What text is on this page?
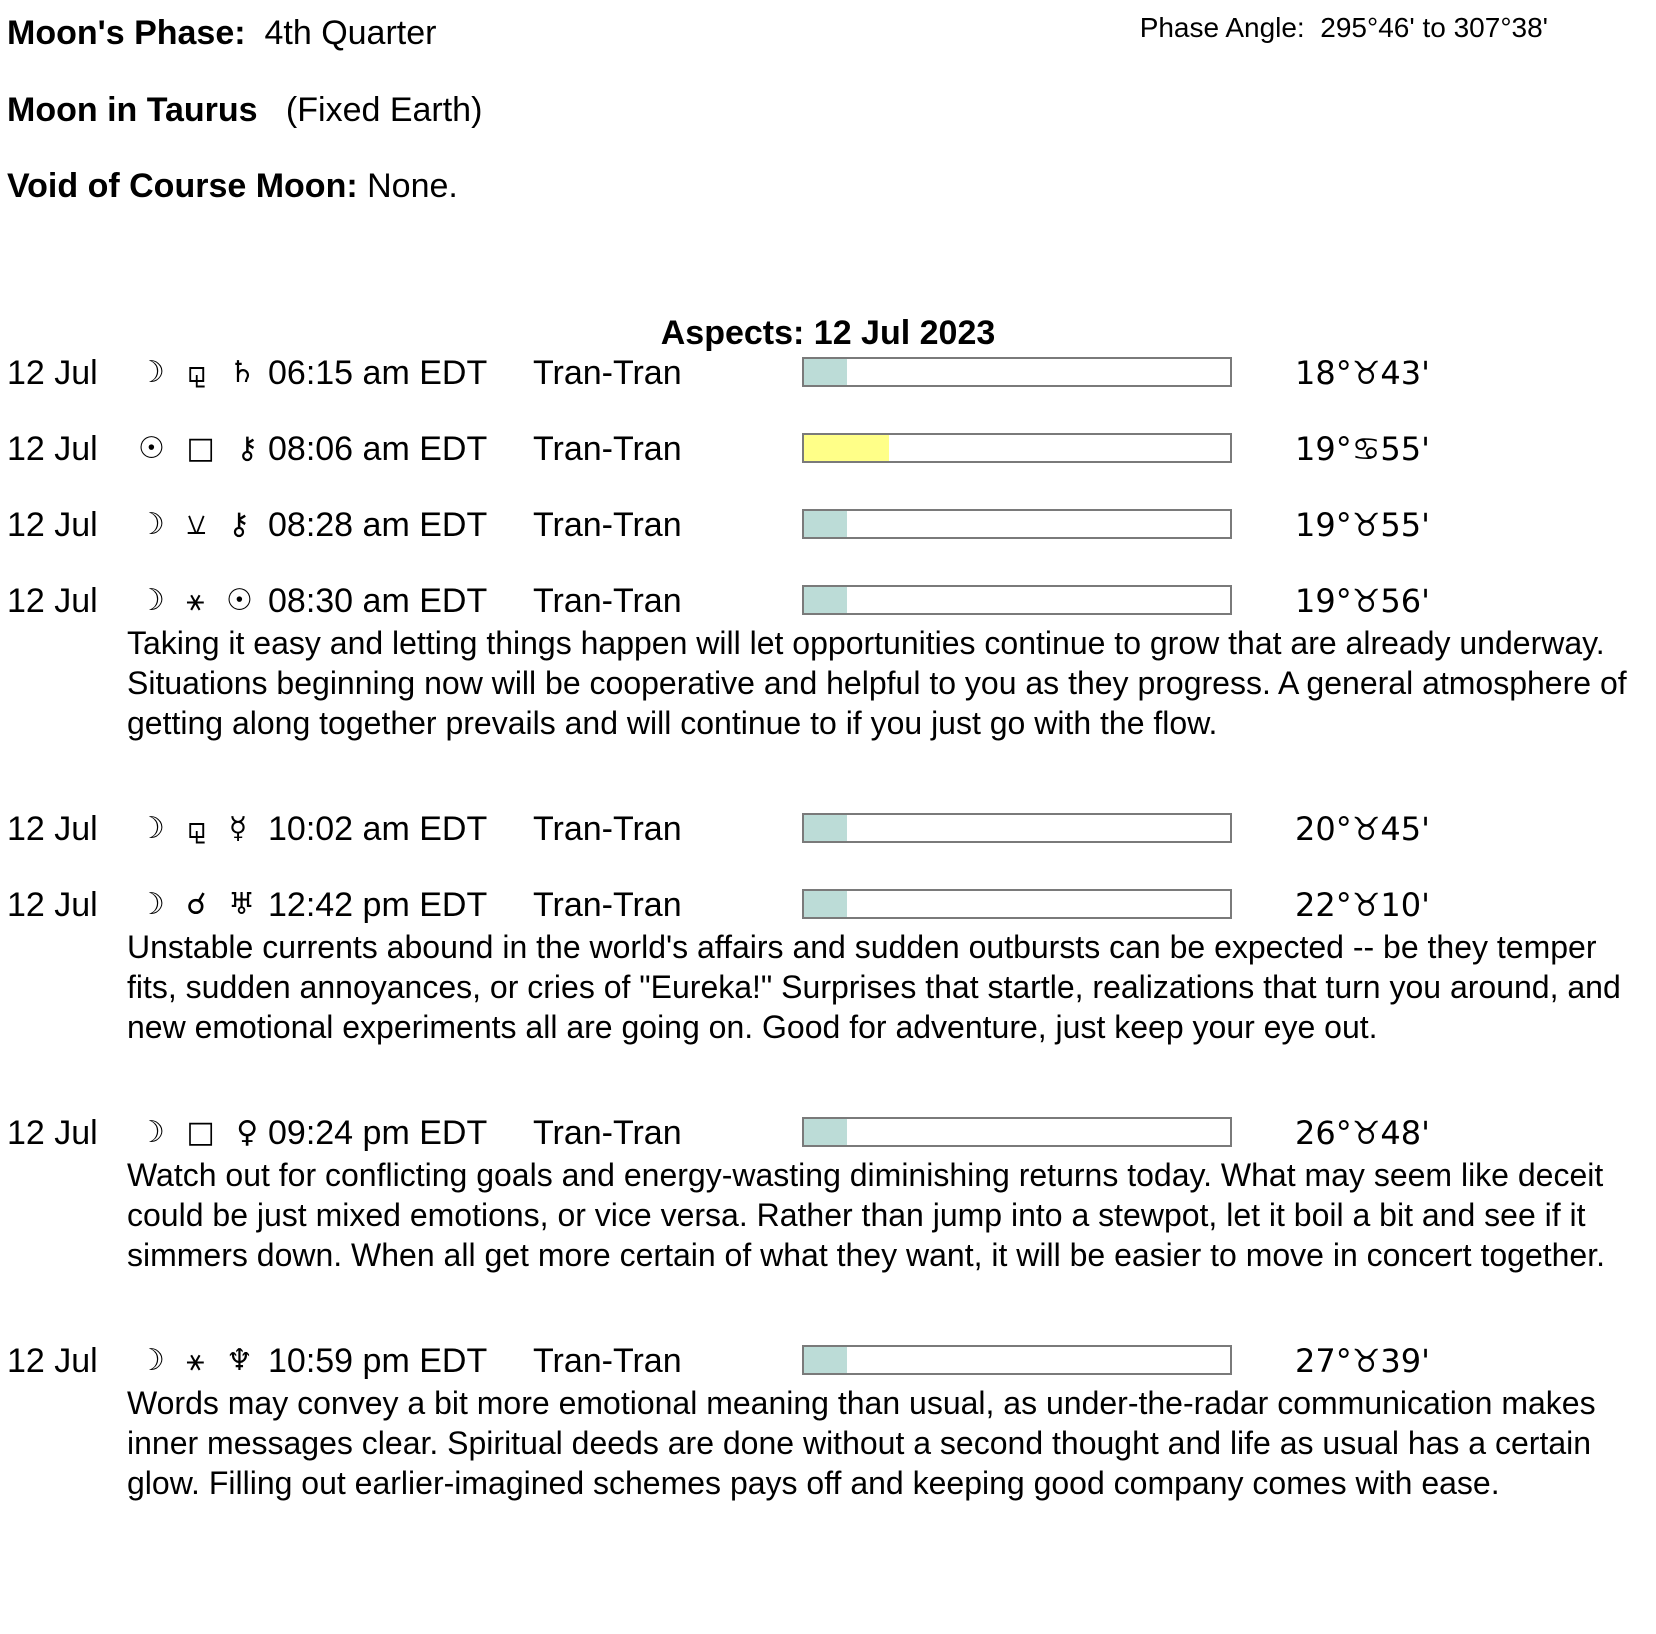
Moon's Phase: 4th Quarter	Phase Angle: 295°46' to 307°38'
Moon in Taurus (Fixed Earth)
Void of Course Moon: None.
Aspects: 12 Jul 2023
12 Jul ☽ ⚼ ♄ 06:15 am EDT Tran-Tran	18°♉43'
12 Jul ☉ □ ⚷ 08:06 am EDT Tran-Tran	19°♋55'
12 Jul ☽ ⚺ ⚷ 08:28 am EDT Tran-Tran	19°♉55'
12 Jul ☽ ⚹ ☉ 08:30 am EDT Tran-Tran	19°♉56'

Taking it easy and letting things happen will let opportunities continue to grow that are already underway. Situations beginning now will be cooperative and helpful to you as they progress. A general atmosphere of getting along together prevails and will continue to if you just go with the flow.

12 Jul ☽ ⚼ ☿ 10:02 am EDT Tran-Tran	20°♉45'
12 Jul ☽ ☌ ♅ 12:42 pm EDT Tran-Tran	22°♉10'

Unstable currents abound in the world's affairs and sudden outbursts can be expected -- be they temper fits, sudden annoyances, or cries of "Eureka!" Surprises that startle, realizations that turn you around, and new emotional experiments all are going on. Good for adventure, just keep your eye out.

12 Jul ☽ □ ♀ 09:24 pm EDT Tran-Tran	26°♉48'

Watch out for conflicting goals and energy-wasting diminishing returns today. What may seem like deceit could be just mixed emotions, or vice versa. Rather than jump into a stewpot, let it boil a bit and see if it simmers down. When all get more certain of what they want, it will be easier to move in concert together.

12 Jul ☽ ⚹ ♆ 10:59 pm EDT Tran-Tran	27°♉39'

Words may convey a bit more emotional meaning than usual, as under-the-radar communication makes inner messages clear. Spiritual deeds are done without a second thought and life as usual has a certain glow. Filling out earlier-imagined schemes pays off and keeping good company comes with ease.
